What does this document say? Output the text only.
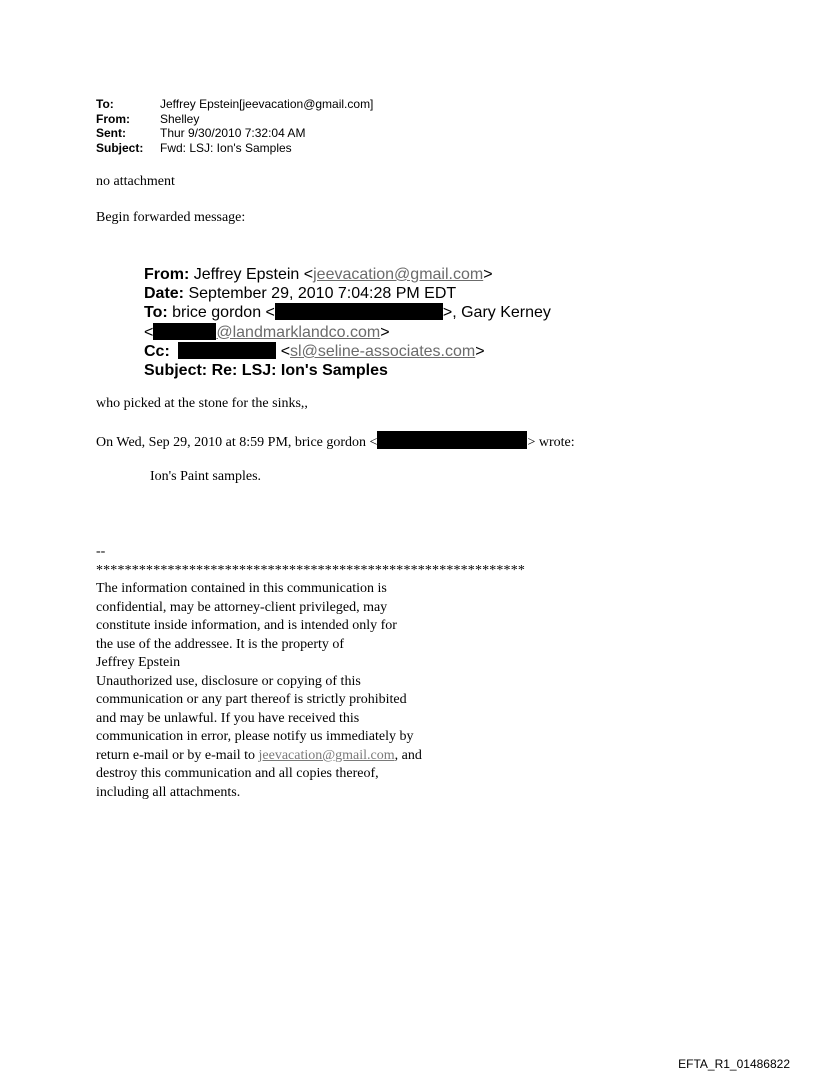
To:	Jeffrey Epstein[jeevacation@gmail.com]
From:	Shelley
Sent:	Thur 9/30/2010 7:32:04 AM
Subject:	Fwd: LSJ: Ion's Samples
no attachment
Begin forwarded message:
From: Jeffrey Epstein <jeevacation@gmail.com>
Date: September 29, 2010 7:04:28 PM EDT
To: brice gordon <	>, Gary Kerney
<	@landmarklandco.com>
Cc:	<sl@seline-associates.com>
Subject: Re: LSJ: Ion's Samples
who picked at the stone for the sinks,,
On Wed, Sep 29, 2010 at 8:59 PM, brice gordon <	> wrote:
Ion's Paint samples.
--
************************************************************
The information contained in this communication is
confidential, may be attorney-client privileged, may
constitute inside information, and is intended only for
the use of the addressee. It is the property of
Jeffrey Epstein
Unauthorized use, disclosure or copying of this
communication or any part thereof is strictly prohibited
and may be unlawful. If you have received this
communication in error, please notify us immediately by
return e-mail or by e-mail to jeevacation@gmail.com, and
destroy this communication and all copies thereof,
including all attachments.
EFTA_R1_01486822
